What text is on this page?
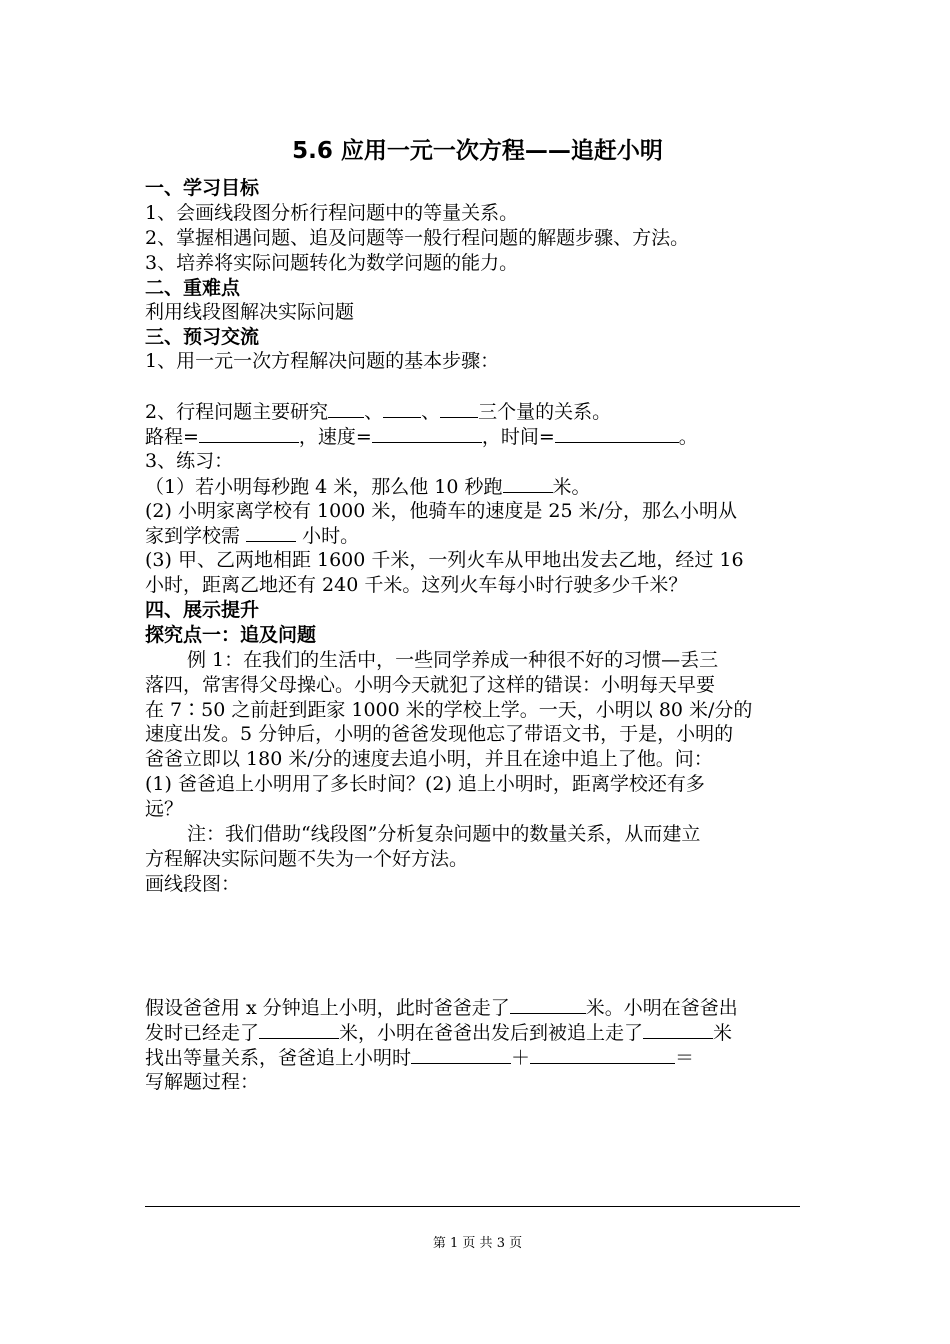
5.6 应用一元一次方程——追赶小明
一、学习目标
1、会画线段图分析行程问题中的等量关系。
2、掌握相遇问题、追及问题等一般行程问题的解题步骤、方法。
3、培养将实际问题转化为数学问题的能力。
二、重难点
利用线段图解决实际问题
三、预习交流
1、用一元一次方程解决问题的基本步骤：
2、行程问题主要研究 、 、 三个量的关系。
路程=	，速度=	，时间=	。
3、练习：
（1）若小明每秒跑 4 米，那么他 10 秒跑	米。
(2) 小明家离学校有 1000 米，他骑车的速度是 25 米/分，那么小明从
家到学校需	小时。
(3) 甲、乙两地相距 1600 千米，一列火车从甲地出发去乙地，经过 16
小时，距离乙地还有 240 千米。这列火车每小时行驶多少千米？
四、展示提升
探究点一：追及问题
例 1：在我们的生活中，一些同学养成一种很不好的习惯—丢三
落四，常害得父母操心。小明今天就犯了这样的错误：小明每天早要
在 7∶50 之前赶到距家 1000 米的学校上学。一天，小明以 80 米/分的
速度出发。5 分钟后，小明的爸爸发现他忘了带语文书，于是，小明的
爸爸立即以 180 米/分的速度去追小明，并且在途中追上了他。问：
(1) 爸爸追上小明用了多长时间？(2) 追上小明时，距离学校还有多
远？
注：我们借助“线段图”分析复杂问题中的数量关系，从而建立
方程解决实际问题不失为一个好方法。
画线段图：
假设爸爸用 x 分钟追上小明，此时爸爸走了	米。小明在爸爸出
发时已经走了	米，小明在爸爸出发后到被追上走了	米
找出等量关系，爸爸追上小明时	＋	＝
写解题过程：
第 1 页 共 3 页
